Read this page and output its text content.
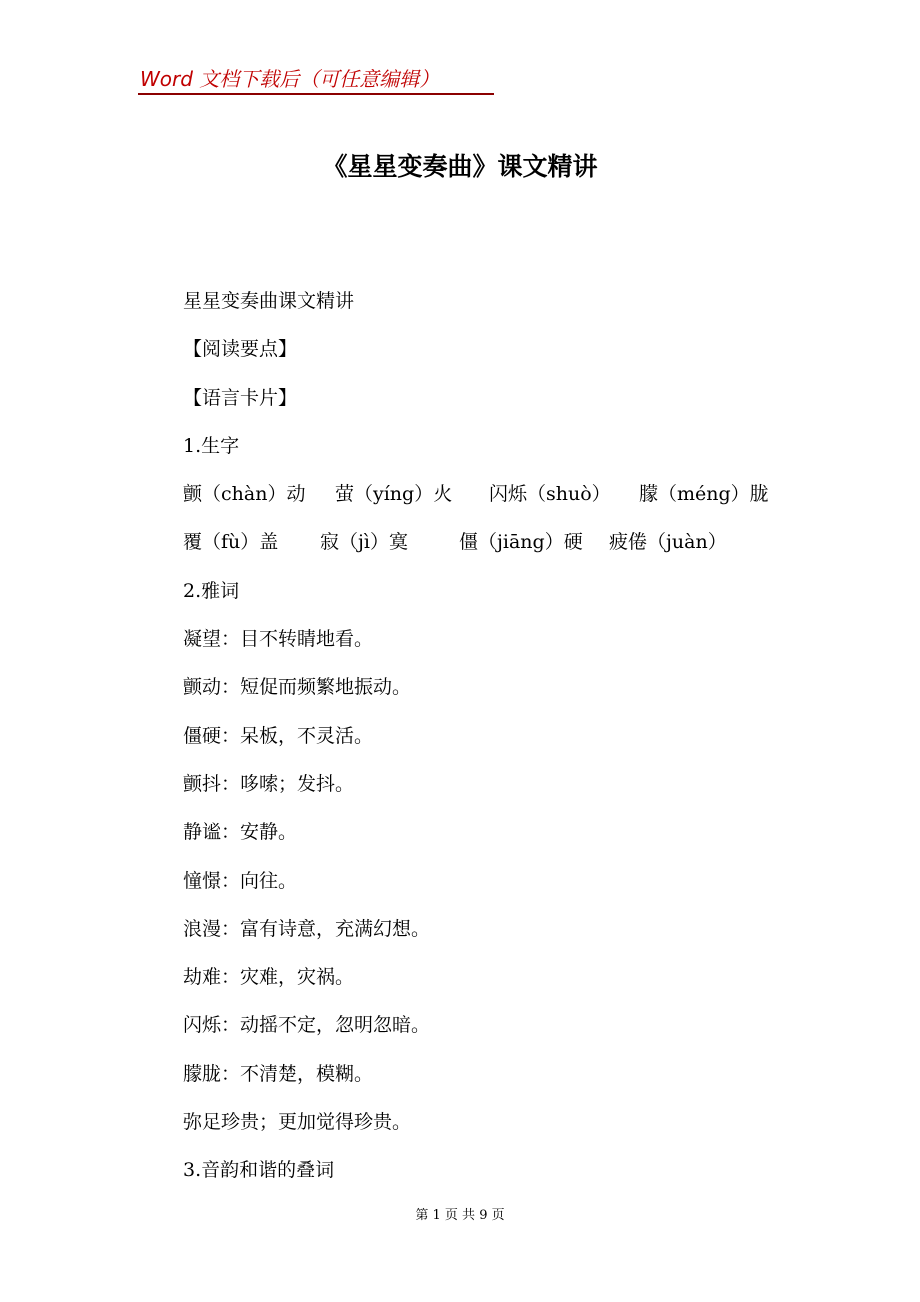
Word 文档下载后（可任意编辑）
《星星变奏曲》课文精讲
星星变奏曲课文精讲
【阅读要点】
【语言卡片】
1.生字
颤（chàn）动	萤（yíng）火	闪烁（shuò）	朦（méng）胧
覆（fù）盖	寂（jì）寞	僵（jiāng）硬	疲倦（juàn）
2.雅词
凝望：目不转睛地看。
颤动：短促而频繁地振动。
僵硬：呆板，不灵活。
颤抖：哆嗦；发抖。
静谧：安静。
憧憬：向往。
浪漫：富有诗意，充满幻想。
劫难：灾难，灾祸。
闪烁：动摇不定，忽明忽暗。
朦胧：不清楚，模糊。
弥足珍贵；更加觉得珍贵。
3.音韵和谐的叠词
第 1 页 共 9 页
